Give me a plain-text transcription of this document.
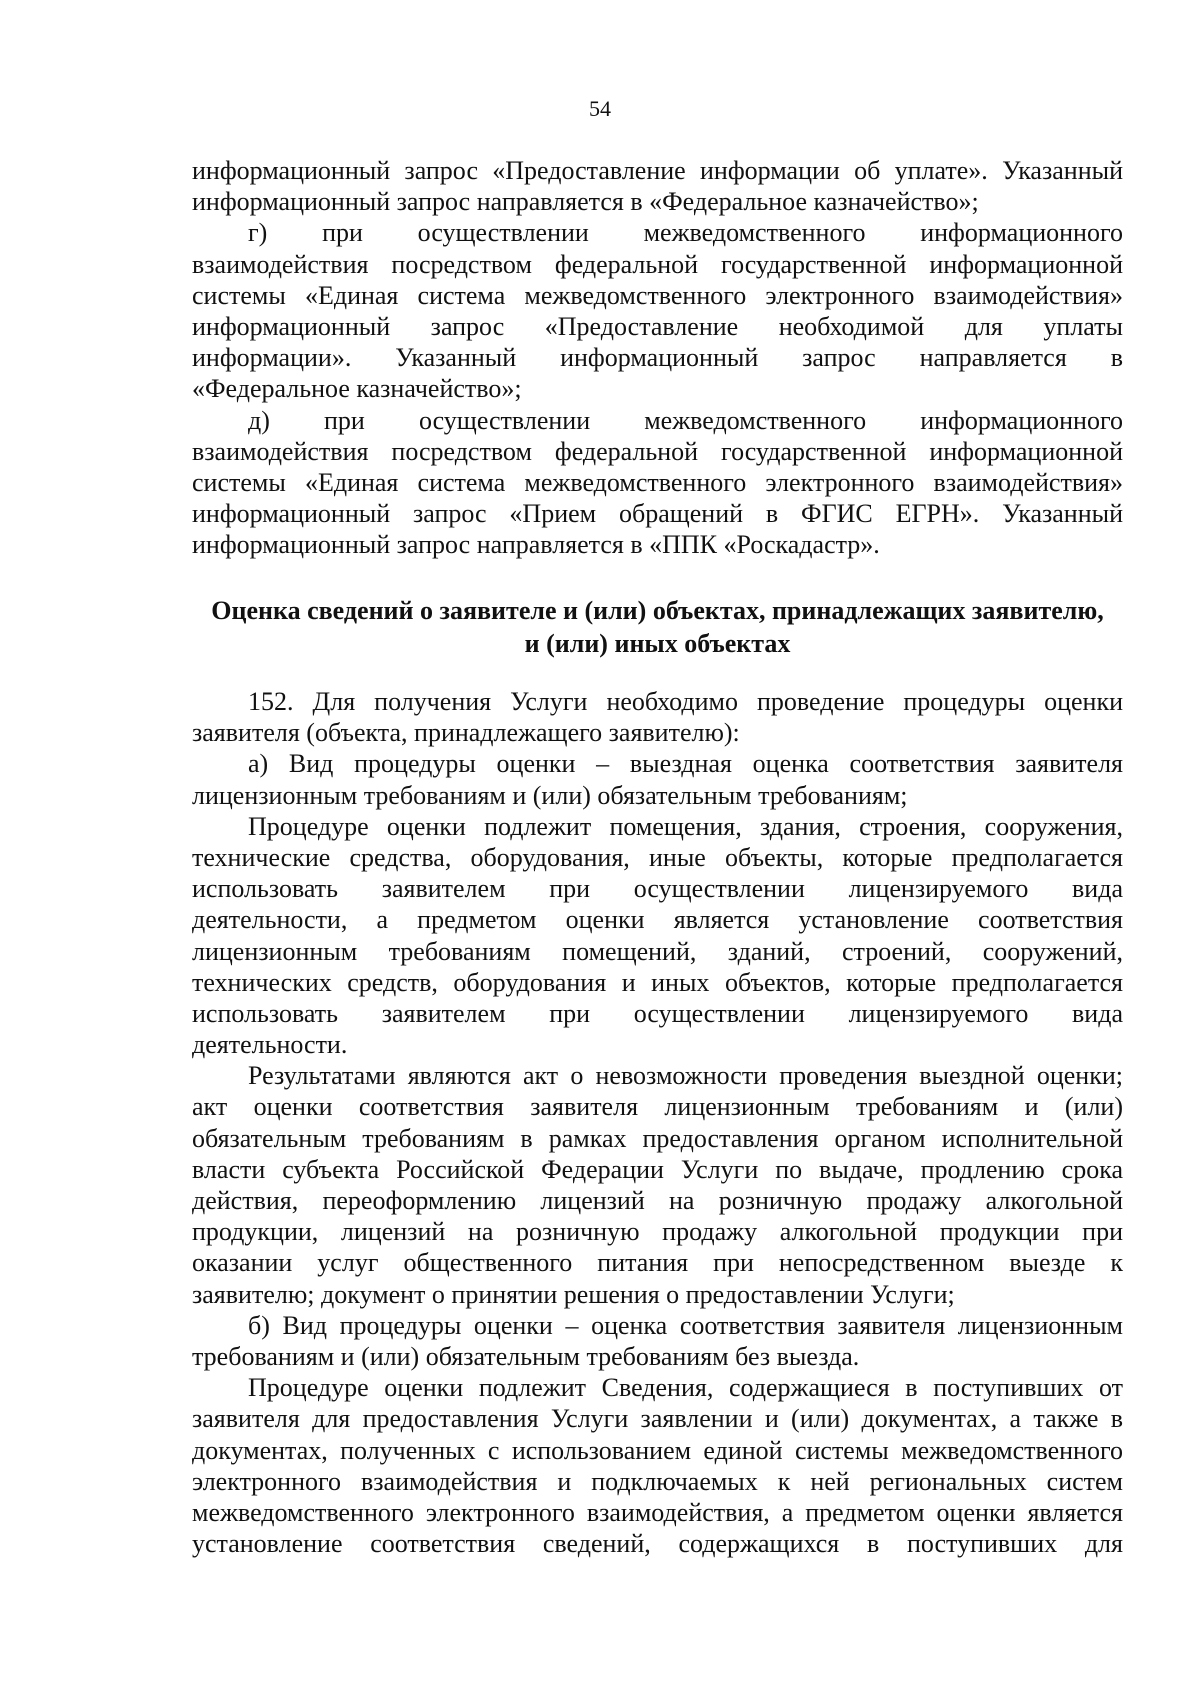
54
информационный запрос «Предоставление информации об уплате». Указанный
информационный запрос направляется в «Федеральное казначейство»;
г) при осуществлении межведомственного информационного
взаимодействия посредством федеральной государственной информационной
системы «Единая система межведомственного электронного взаимодействия»
информационный запрос «Предоставление необходимой для уплаты
информации». Указанный информационный запрос направляется в
«Федеральное казначейство»;
д) при осуществлении межведомственного информационного
взаимодействия посредством федеральной государственной информационной
системы «Единая система межведомственного электронного взаимодействия»
информационный запрос «Прием обращений в ФГИС ЕГРН». Указанный
информационный запрос направляется в «ППК «Роскадастр».
Оценка сведений о заявителе и (или) объектах, принадлежащих заявителю,
и (или) иных объектах
152. Для получения Услуги необходимо проведение процедуры оценки
заявителя (объекта, принадлежащего заявителю):
а) Вид процедуры оценки – выездная оценка соответствия заявителя
лицензионным требованиям и (или) обязательным требованиям;
Процедуре оценки подлежит помещения, здания, строения, сооружения,
технические средства, оборудования, иные объекты, которые предполагается
использовать заявителем при осуществлении лицензируемого вида
деятельности, а предметом оценки является установление соответствия
лицензионным требованиям помещений, зданий, строений, сооружений,
технических средств, оборудования и иных объектов, которые предполагается
использовать заявителем при осуществлении лицензируемого вида
деятельности.
Результатами являются акт о невозможности проведения выездной оценки;
акт оценки соответствия заявителя лицензионным требованиям и (или)
обязательным требованиям в рамках предоставления органом исполнительной
власти субъекта Российской Федерации Услуги по выдаче, продлению срока
действия, переоформлению лицензий на розничную продажу алкогольной
продукции, лицензий на розничную продажу алкогольной продукции при
оказании услуг общественного питания при непосредственном выезде к
заявителю; документ о принятии решения о предоставлении Услуги;
б) Вид процедуры оценки – оценка соответствия заявителя лицензионным
требованиям и (или) обязательным требованиям без выезда.
Процедуре оценки подлежит Сведения, содержащиеся в поступивших от
заявителя для предоставления Услуги заявлении и (или) документах, а также в
документах, полученных с использованием единой системы межведомственного
электронного взаимодействия и подключаемых к ней региональных систем
межведомственного электронного взаимодействия, а предметом оценки является
установление соответствия сведений, содержащихся в поступивших для
